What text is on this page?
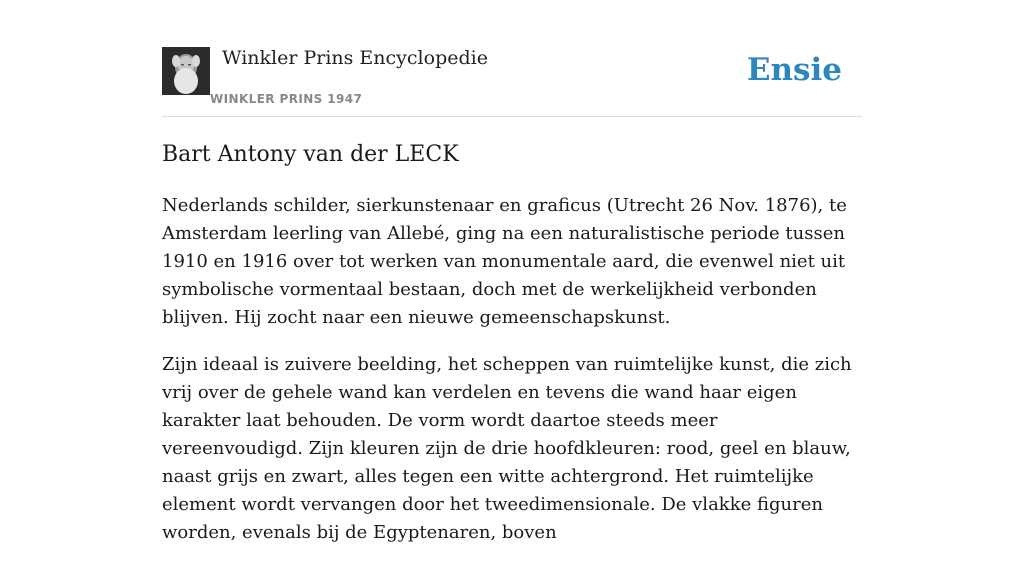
Winkler Prins Encyclopedie
WINKLER PRINS 1947
Ensie
Bart Antony van der LECK

Nederlands schilder, sierkunstenaar en graficus (Utrecht 26 Nov. 1876), te Amsterdam leerling van Allebé, ging na een naturalistische periode tussen 1910 en 1916 over tot werken van monumentale aard, die evenwel niet uit symbolische vormentaal bestaan, doch met de werkelijkheid verbonden blijven. Hij zocht naar een nieuwe gemeenschapskunst.

Zijn ideaal is zuivere beelding, het scheppen van ruimtelijke kunst, die zich vrij over de gehele wand kan verdelen en tevens die wand haar eigen karakter laat behouden. De vorm wordt daartoe steeds meer vereenvoudigd. Zijn kleuren zijn de drie hoofdkleuren: rood, geel en blauw, naast grijs en zwart, alles tegen een witte achtergrond. Het ruimtelijke element wordt vervangen door het tweedimensionale. De vlakke figuren worden, evenals bij de Egyptenaren, boven
